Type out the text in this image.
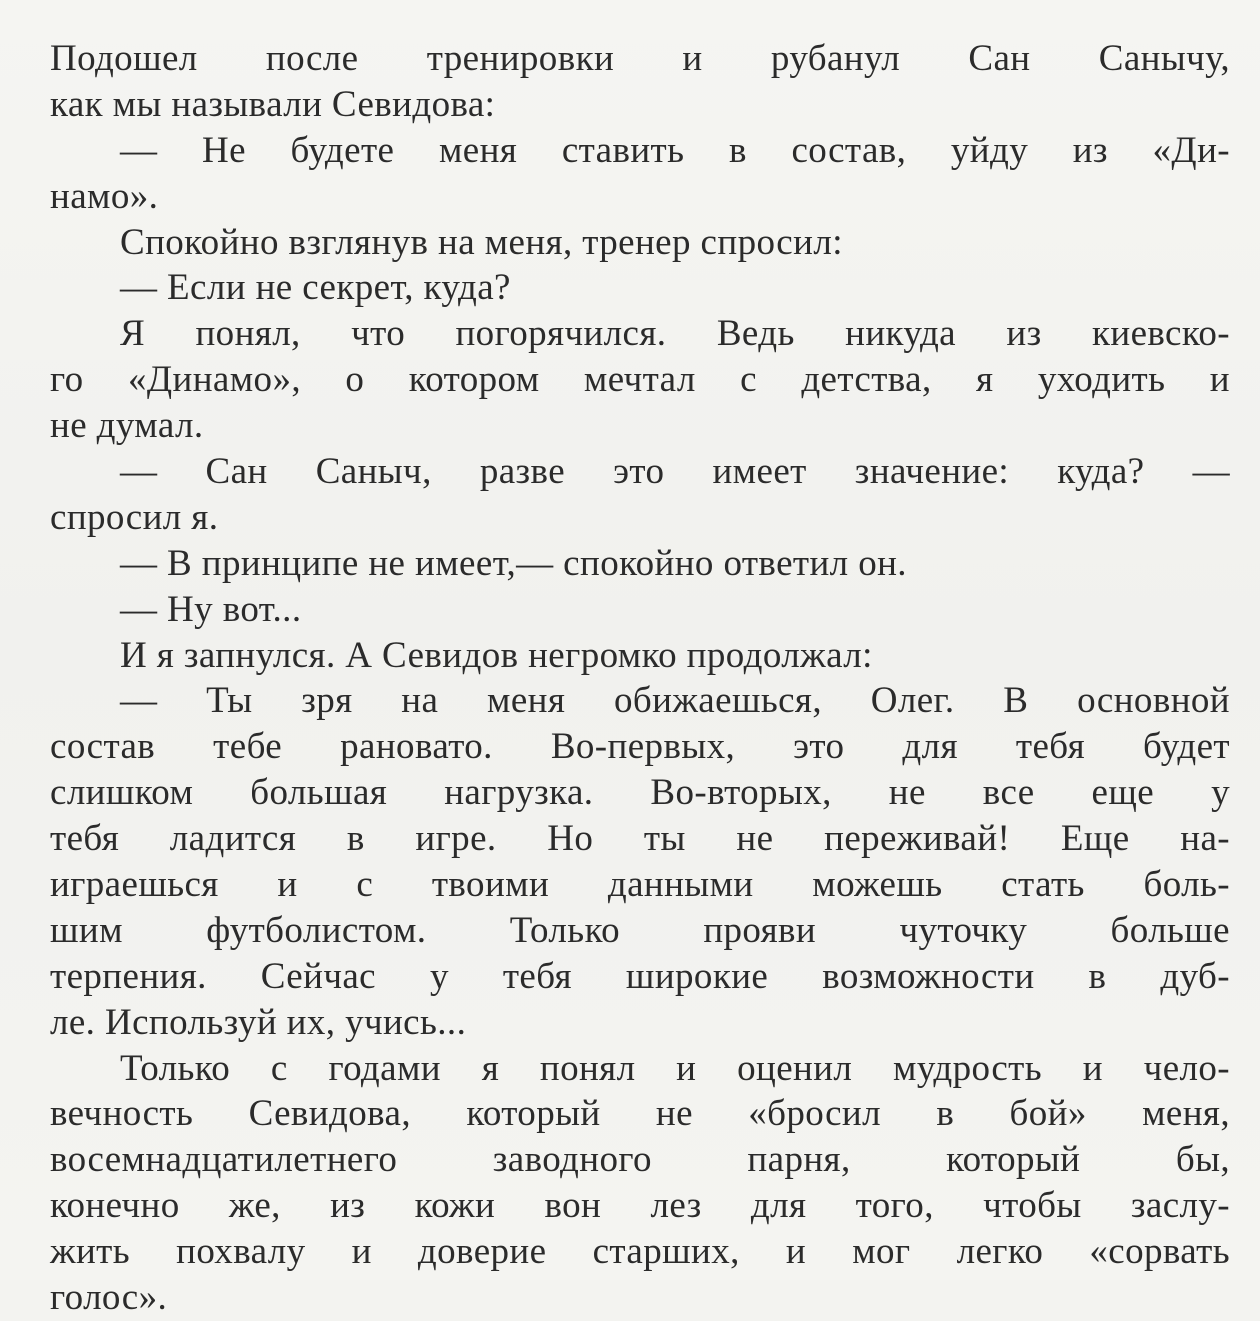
Подошел после тренировки и рубанул Сан Санычу,
как мы называли Севидова:
— Не будете меня ставить в состав, уйду из «Ди-
намо».
Спокойно взглянув на меня, тренер спросил:
— Если не секрет, куда?
Я понял, что погорячился. Ведь никуда из киевско-
го «Динамо», о котором мечтал с детства, я уходить и
не думал.
— Сан Саныч, разве это имеет значение: куда? —
спросил я.
— В принципе не имеет,— спокойно ответил он.
— Ну вот...
И я запнулся. А Севидов негромко продолжал:
— Ты зря на меня обижаешься, Олег. В основной
состав тебе рановато. Во-первых, это для тебя будет
слишком большая нагрузка. Во-вторых, не все еще у
тебя ладится в игре. Но ты не переживай! Еще на-
играешься и с твоими данными можешь стать боль-
шим футболистом. Только прояви чуточку больше
терпения. Сейчас у тебя широкие возможности в дуб-
ле. Используй их, учись...
Только с годами я понял и оценил мудрость и чело-
вечность Севидова, который не «бросил в бой» меня,
восемнадцатилетнего заводного парня, который бы,
конечно же, из кожи вон лез для того, чтобы заслу-
жить похвалу и доверие старших, и мог легко «сорвать
голос».
